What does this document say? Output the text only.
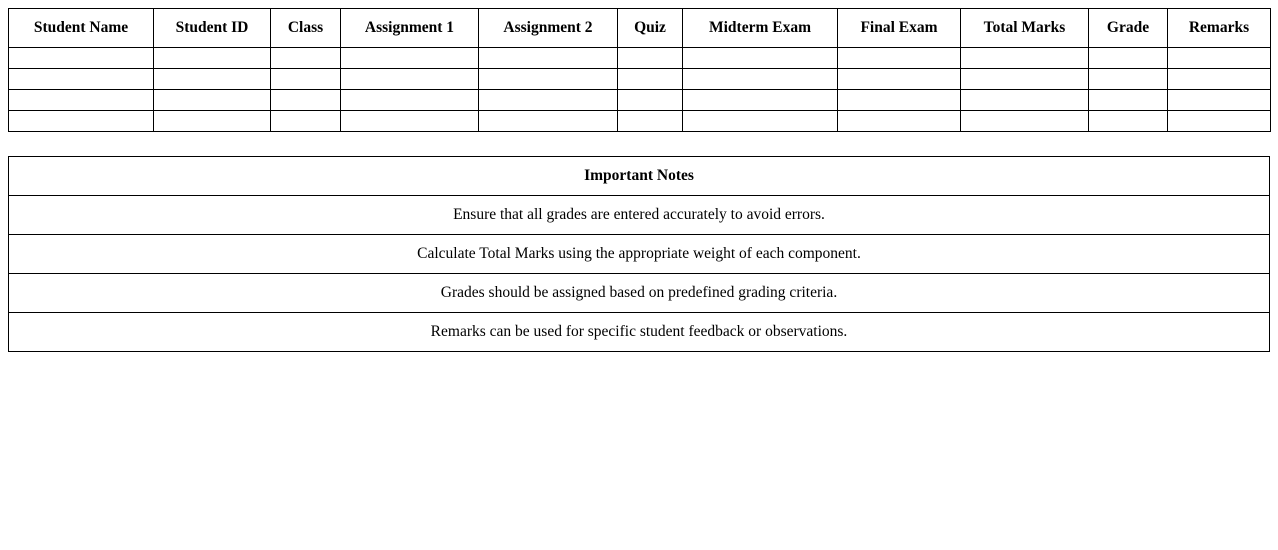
Student Name	Student ID	Class	Assignment 1	Assignment 2	Quiz	Midterm Exam	Final Exam	Total Marks	Grade	Remarks

Important Notes
Ensure that all grades are entered accurately to avoid errors.
Calculate Total Marks using the appropriate weight of each component.
Grades should be assigned based on predefined grading criteria.
Remarks can be used for specific student feedback or observations.
